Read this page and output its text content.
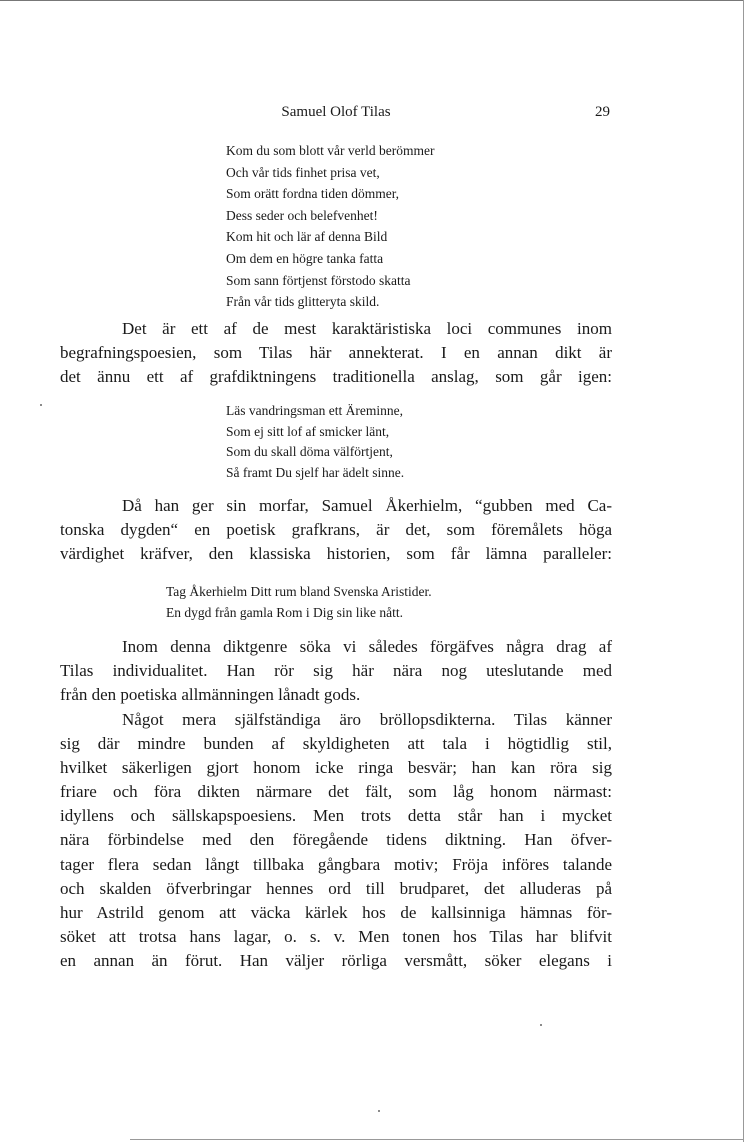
Samuel Olof Tilas	29
Kom du som blott vår verld berömmer
Och vår tids finhet prisa vet,
Som orätt fordna tiden dömmer,
Dess seder och belefvenhet!
Kom hit och lär af denna Bild
Om dem en högre tanka fatta
Som sann förtjenst förstodo skatta
Från vår tids glitteryta skild.
Det är ett af de mest karaktäristiska loci communes inom
begrafningspoesien, som Tilas här annekterat. I en annan dikt är
det ännu ett af grafdiktningens traditionella anslag, som går igen:
Läs vandringsman ett Äreminne,
Som ej sitt lof af smicker länt,
Som du skall döma välförtjent,
Så framt Du sjelf har ädelt sinne.
Då han ger sin morfar, Samuel Åkerhielm, “gubben med Ca-
tonska dygden“ en poetisk grafkrans, är det, som föremålets höga
värdighet kräfver, den klassiska historien, som får lämna paralleler:
Tag Åkerhielm Ditt rum bland Svenska Aristider.
En dygd från gamla Rom i Dig sin like nått.
Inom denna diktgenre söka vi således förgäfves några drag af
Tilas individualitet. Han rör sig här nära nog uteslutande med
från den poetiska allmänningen lånadt gods.
Något mera själfständiga äro bröllopsdikterna. Tilas känner
sig där mindre bunden af skyldigheten att tala i högtidlig stil,
hvilket säkerligen gjort honom icke ringa besvär; han kan röra sig
friare och föra dikten närmare det fält, som låg honom närmast:
idyllens och sällskapspoesiens. Men trots detta står han i mycket
nära förbindelse med den föregående tidens diktning. Han öfver-
tager flera sedan långt tillbaka gångbara motiv; Fröja införes talande
och skalden öfverbringar hennes ord till brudparet, det alluderas på
hur Astrild genom att väcka kärlek hos de kallsinniga hämnas för-
söket att trotsa hans lagar, o. s. v. Men tonen hos Tilas har blifvit
en annan än förut. Han väljer rörliga versmått, söker elegans i
